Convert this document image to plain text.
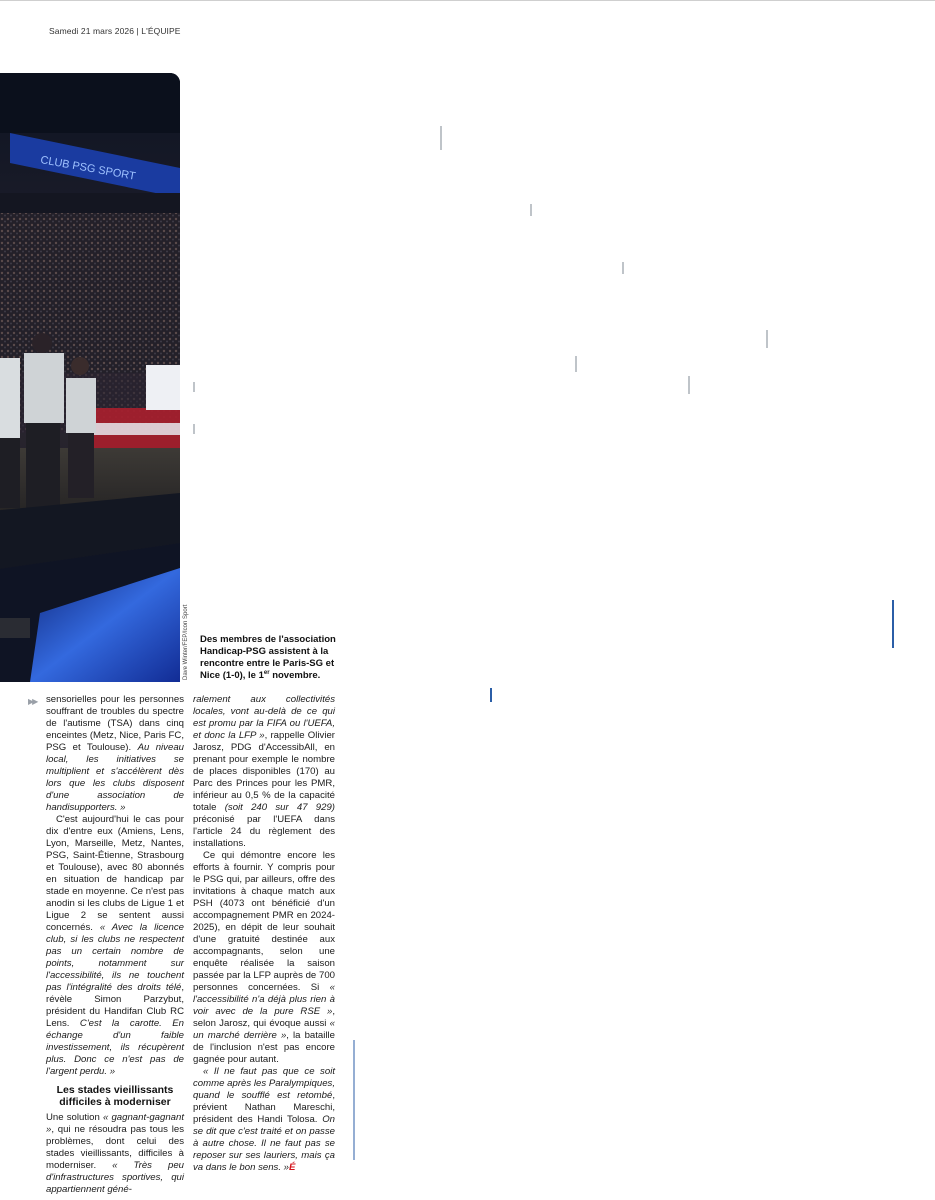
Samedi 21 mars 2026 | L'ÉQUIPE
CLUB PSG SPORT
Dave Winter/FEP/Icon Sport Des membres de l'association Handicap-PSG assistent à la rencontre entre le Paris-SG et Nice (1-0), le 1er novembre.
▶▶ sensorielles pour les personnes souffrant de troubles du spectre de l'autisme (TSA) dans cinq enceintes (Metz, Nice, Paris FC, PSG et Toulouse). Au niveau local, les initiatives se multiplient et s'accélèrent dès lors que les clubs disposent d'une association de handisupporters. »

C'est aujourd'hui le cas pour dix d'entre eux (Amiens, Lens, Lyon, Marseille, Metz, Nantes, PSG, Saint-Étienne, Strasbourg et Toulouse), avec 80 abonnés en situation de handicap par stade en moyenne. Ce n'est pas anodin si les clubs de Ligue 1 et Ligue 2 se sentent aussi concernés. « Avec la licence club, si les clubs ne respectent pas un certain nombre de points, notamment sur l'accessibilité, ils ne touchent pas l'intégralité des droits télé, révèle Simon Parzybut, président du Handifan Club RC Lens. C'est la carotte. En échange d'un faible investissement, ils récupèrent plus. Donc ce n'est pas de l'argent perdu. »

Les stades vieillissants difficiles à moderniser

Une solution « gagnant-gagnant », qui ne résoudra pas tous les problèmes, dont celui des stades vieillissants, difficiles à moderniser. « Très peu d'infrastructures sportives, qui appartiennent géné-

ralement aux collectivités locales, vont au-delà de ce qui est promu par la FIFA ou l'UEFA, et donc la LFP », rappelle Olivier Jarosz, PDG d'AccessibAll, en prenant pour exemple le nombre de places disponibles (170) au Parc des Princes pour les PMR, inférieur au 0,5 % de la capacité totale (soit 240 sur 47 929) préconisé par l'UEFA dans l'article 24 du règlement des installations.

Ce qui démontre encore les efforts à fournir. Y compris pour le PSG qui, par ailleurs, offre des invitations à chaque match aux PSH (4073 ont bénéficié d'un accompagnement PMR en 2024-2025), en dépit de leur souhait d'une gratuité destinée aux accompagnants, selon une enquête réalisée la saison passée par la LFP auprès de 700 personnes concernées. Si « l'accessibilité n'a déjà plus rien à voir avec de la pure RSE », selon Jarosz, qui évoque aussi « un marché derrière », la bataille de l'inclusion n'est pas encore gagnée pour autant.

« Il ne faut pas que ce soit comme après les Paralympiques, quand le soufflé est retombé, prévient Nathan Mareschi, président des Handi Tolosa. On se dit que c'est traité et on passe à autre chose. Il ne faut pas se reposer sur ses lauriers, mais ça va dans le bon sens. »É
